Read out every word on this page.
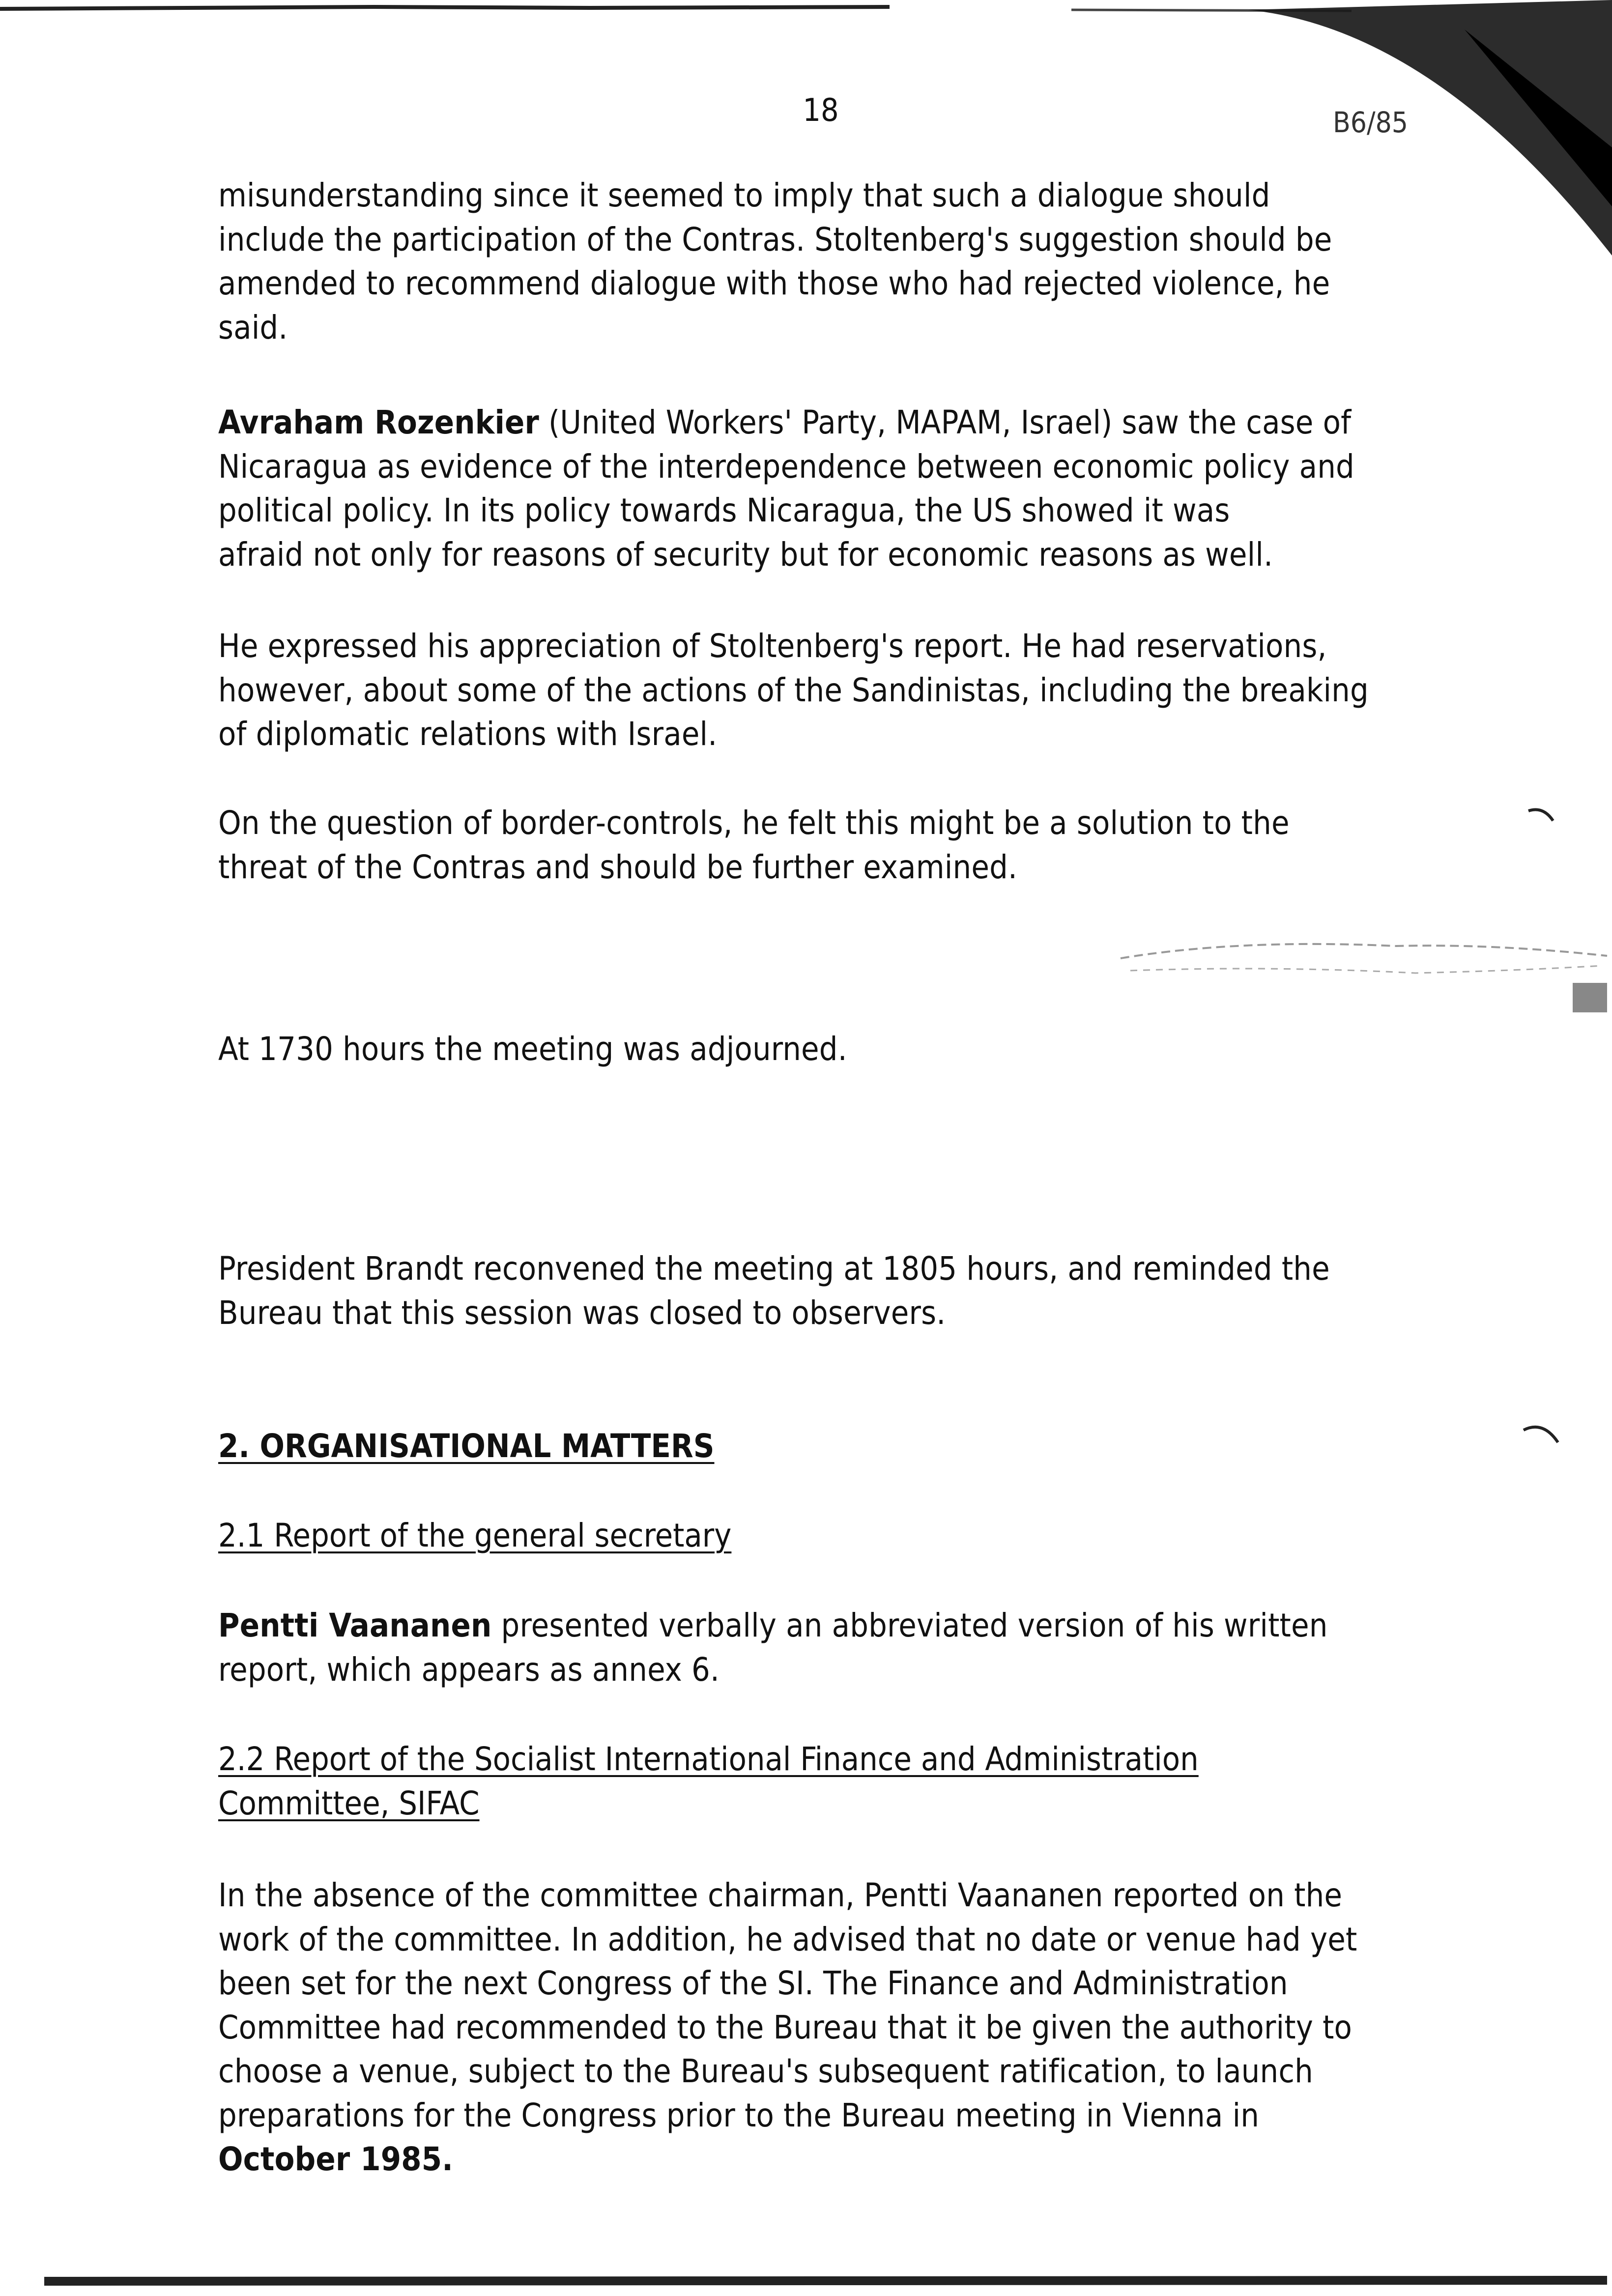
18	B6/85

misunderstanding since it seemed to imply that such a dialogue should
include the participation of the Contras. Stoltenberg's suggestion should be
amended to recommend dialogue with those who had rejected violence, he
said.

Avraham Rozenkier (United Workers' Party, MAPAM, Israel) saw the case of
Nicaragua as evidence of the interdependence between economic policy and
political policy. In its policy towards Nicaragua, the US showed it was
afraid not only for reasons of security but for economic reasons as well.

He expressed his appreciation of Stoltenberg's report. He had reservations,
however, about some of the actions of the Sandinistas, including the breaking
of diplomatic relations with Israel.

On the question of border-controls, he felt this might be a solution to the
threat of the Contras and should be further examined.

At 1730 hours the meeting was adjourned.

President Brandt reconvened the meeting at 1805 hours, and reminded the
Bureau that this session was closed to observers.

2. ORGANISATIONAL MATTERS

2.1 Report of the general secretary

Pentti Vaananen presented verbally an abbreviated version of his written
report, which appears as annex 6.

2.2 Report of the Socialist International Finance and Administration
Committee, SIFAC

In the absence of the committee chairman, Pentti Vaananen reported on the
work of the committee. In addition, he advised that no date or venue had yet
been set for the next Congress of the SI. The Finance and Administration
Committee had recommended to the Bureau that it be given the authority to
choose a venue, subject to the Bureau's subsequent ratification, to launch
preparations for the Congress prior to the Bureau meeting in Vienna in
October 1985.
